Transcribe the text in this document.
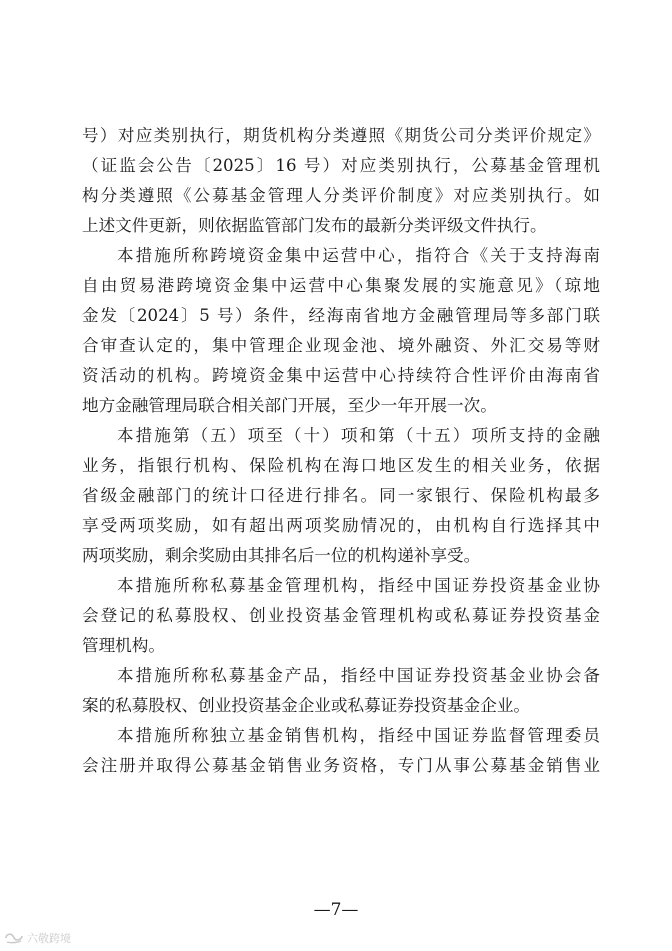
号）对应类别执行，期货机构分类遵照《期货公司分类评价规定》
（证监会公告〔2025〕16 号）对应类别执行，公募基金管理机
构分类遵照《公募基金管理人分类评价制度》对应类别执行。如
上述文件更新，则依据监管部门发布的最新分类评级文件执行。
本措施所称跨境资金集中运营中心，指符合《关于支持海南
自由贸易港跨境资金集中运营中心集聚发展的实施意见》（琼地
金发〔2024〕5 号）条件，经海南省地方金融管理局等多部门联
合审查认定的，集中管理企业现金池、境外融资、外汇交易等财
资活动的机构。跨境资金集中运营中心持续符合性评价由海南省
地方金融管理局联合相关部门开展，至少一年开展一次。
本措施第（五）项至（十）项和第（十五）项所支持的金融
业务，指银行机构、保险机构在海口地区发生的相关业务，依据
省级金融部门的统计口径进行排名。同一家银行、保险机构最多
享受两项奖励，如有超出两项奖励情况的，由机构自行选择其中
两项奖励，剩余奖励由其排名后一位的机构递补享受。
本措施所称私募基金管理机构，指经中国证券投资基金业协
会登记的私募股权、创业投资基金管理机构或私募证券投资基金
管理机构。
本措施所称私募基金产品，指经中国证券投资基金业协会备
案的私募股权、创业投资基金企业或私募证券投资基金企业。
本措施所称独立基金销售机构，指经中国证券监督管理委员
会注册并取得公募基金销售业务资格，专门从事公募基金销售业
—7—
六敬跨境
